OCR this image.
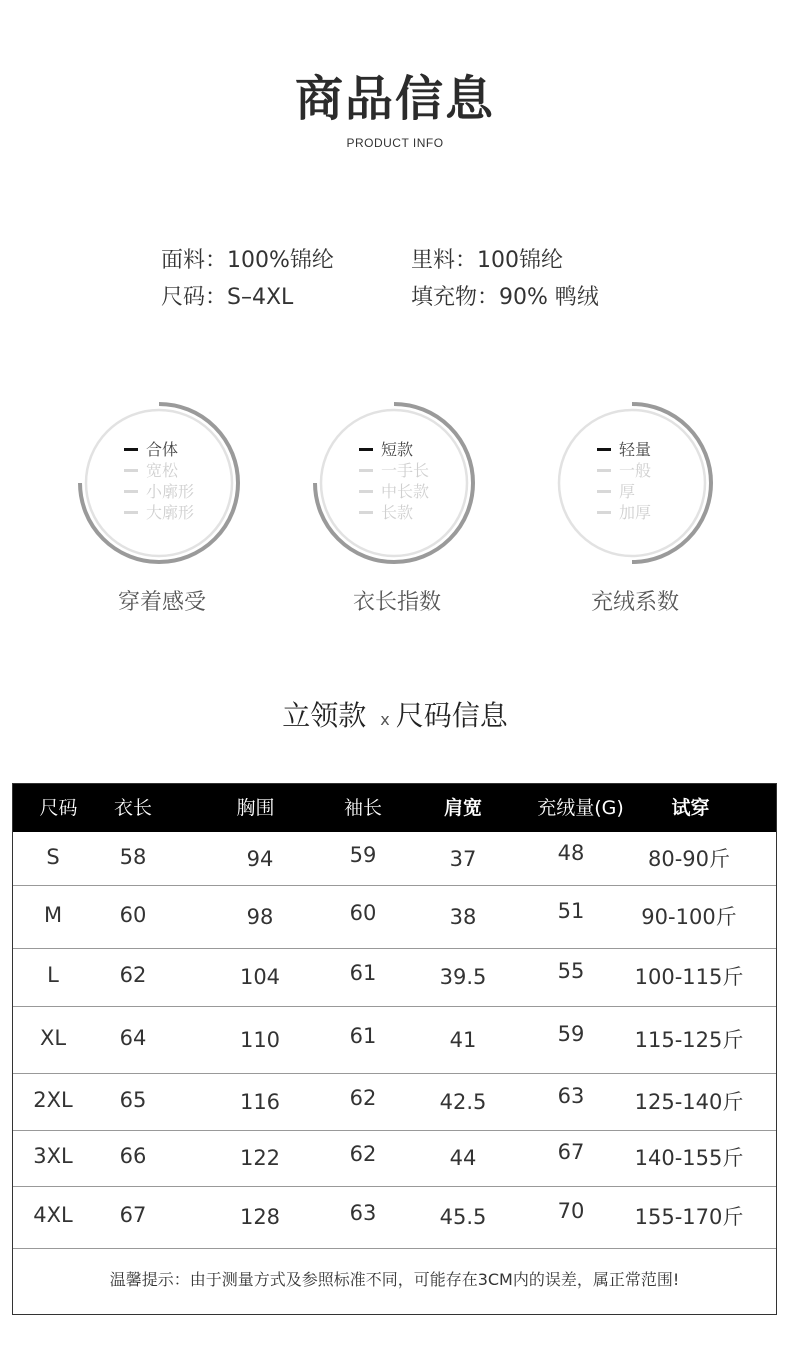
商品信息
PRODUCT INFO
面料：100%锦纶	里料：100锦纶
尺码：S–4XL	填充物：90% 鸭绒
合体
宽松
小廓形
大廓形
穿着感受
短款
一手长
中长款
长款
衣长指数
轻量
一般
厚
加厚
充绒系数
立领款 x 尺码信息
尺码	衣长	胸围	袖长	肩宽	充绒量(G)	试穿
S	58	94	59	37	48	80-90斤
M	60	98	60	38	51	90-100斤
L	62	104	61	39.5	55	100-115斤
XL	64	110	61	41	59	115-125斤
2XL	65	116	62	42.5	63	125-140斤
3XL	66	122	62	44	67	140-155斤
4XL	67	128	63	45.5	70	155-170斤
温馨提示：由于测量方式及参照标准不同，可能存在3CM内的误差，属正常范围!
